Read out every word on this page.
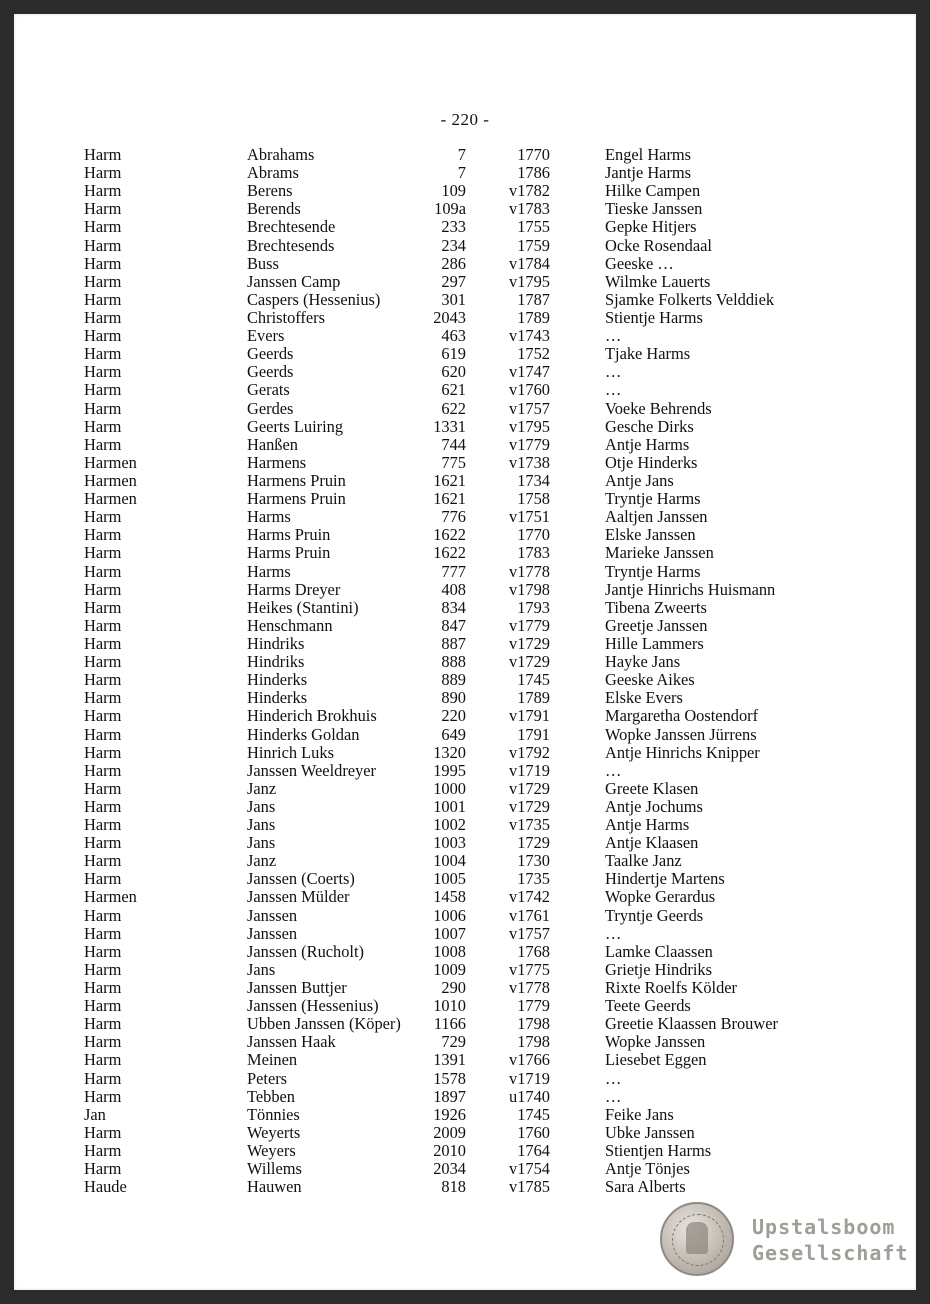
- 220 -
Harm	Abrahams	7	1770	Engel Harms
Harm	Abrams	7	1786	Jantje Harms
Harm	Berens	109	v1782	Hilke Campen
Harm	Berends	109a	v1783	Tieske Janssen
Harm	Brechtesende	233	1755	Gepke Hitjers
Harm	Brechtesends	234	1759	Ocke Rosendaal
Harm	Buss	286	v1784	Geeske …
Harm	Janssen Camp	297	v1795	Wilmke Lauerts
Harm	Caspers (Hessenius)	301	1787	Sjamke Folkerts Velddiek
Harm	Christoffers	2043	1789	Stientje Harms
Harm	Evers	463	v1743	…
Harm	Geerds	619	1752	Tjake Harms
Harm	Geerds	620	v1747	…
Harm	Gerats	621	v1760	…
Harm	Gerdes	622	v1757	Voeke Behrends
Harm	Geerts Luiring	1331	v1795	Gesche Dirks
Harm	Hanßen	744	v1779	Antje Harms
Harmen	Harmens	775	v1738	Otje Hinderks
Harmen	Harmens Pruin	1621	1734	Antje Jans
Harmen	Harmens Pruin	1621	1758	Tryntje Harms
Harm	Harms	776	v1751	Aaltjen Janssen
Harm	Harms Pruin	1622	1770	Elske Janssen
Harm	Harms Pruin	1622	1783	Marieke Janssen
Harm	Harms	777	v1778	Tryntje Harms
Harm	Harms Dreyer	408	v1798	Jantje Hinrichs Huismann
Harm	Heikes (Stantini)	834	1793	Tibena Zweerts
Harm	Henschmann	847	v1779	Greetje Janssen
Harm	Hindriks	887	v1729	Hille Lammers
Harm	Hindriks	888	v1729	Hayke Jans
Harm	Hinderks	889	1745	Geeske Aikes
Harm	Hinderks	890	1789	Elske Evers
Harm	Hinderich Brokhuis	220	v1791	Margaretha Oostendorf
Harm	Hinderks Goldan	649	1791	Wopke Janssen Jürrens
Harm	Hinrich Luks	1320	v1792	Antje Hinrichs Knipper
Harm	Janssen Weeldreyer	1995	v1719	…
Harm	Janz	1000	v1729	Greete Klasen
Harm	Jans	1001	v1729	Antje Jochums
Harm	Jans	1002	v1735	Antje Harms
Harm	Jans	1003	1729	Antje Klaasen
Harm	Janz	1004	1730	Taalke Janz
Harm	Janssen (Coerts)	1005	1735	Hindertje Martens
Harmen	Janssen Mülder	1458	v1742	Wopke Gerardus
Harm	Janssen	1006	v1761	Tryntje Geerds
Harm	Janssen	1007	v1757	…
Harm	Janssen (Rucholt)	1008	1768	Lamke Claassen
Harm	Jans	1009	v1775	Grietje Hindriks
Harm	Janssen Buttjer	290	v1778	Rixte Roelfs Kölder
Harm	Janssen (Hessenius)	1010	1779	Teete Geerds
Harm	Ubben Janssen (Köper)	1166	1798	Greetie Klaassen Brouwer
Harm	Janssen Haak	729	1798	Wopke Janssen
Harm	Meinen	1391	v1766	Liesebet Eggen
Harm	Peters	1578	v1719	…
Harm	Tebben	1897	u1740	…
Jan	Tönnies	1926	1745	Feike Jans
Harm	Weyerts	2009	1760	Ubke Janssen
Harm	Weyers	2010	1764	Stientjen Harms
Harm	Willems	2034	v1754	Antje Tönjes
Haude	Hauwen	818	v1785	Sara Alberts
Upstalsboom
Gesellschaft
